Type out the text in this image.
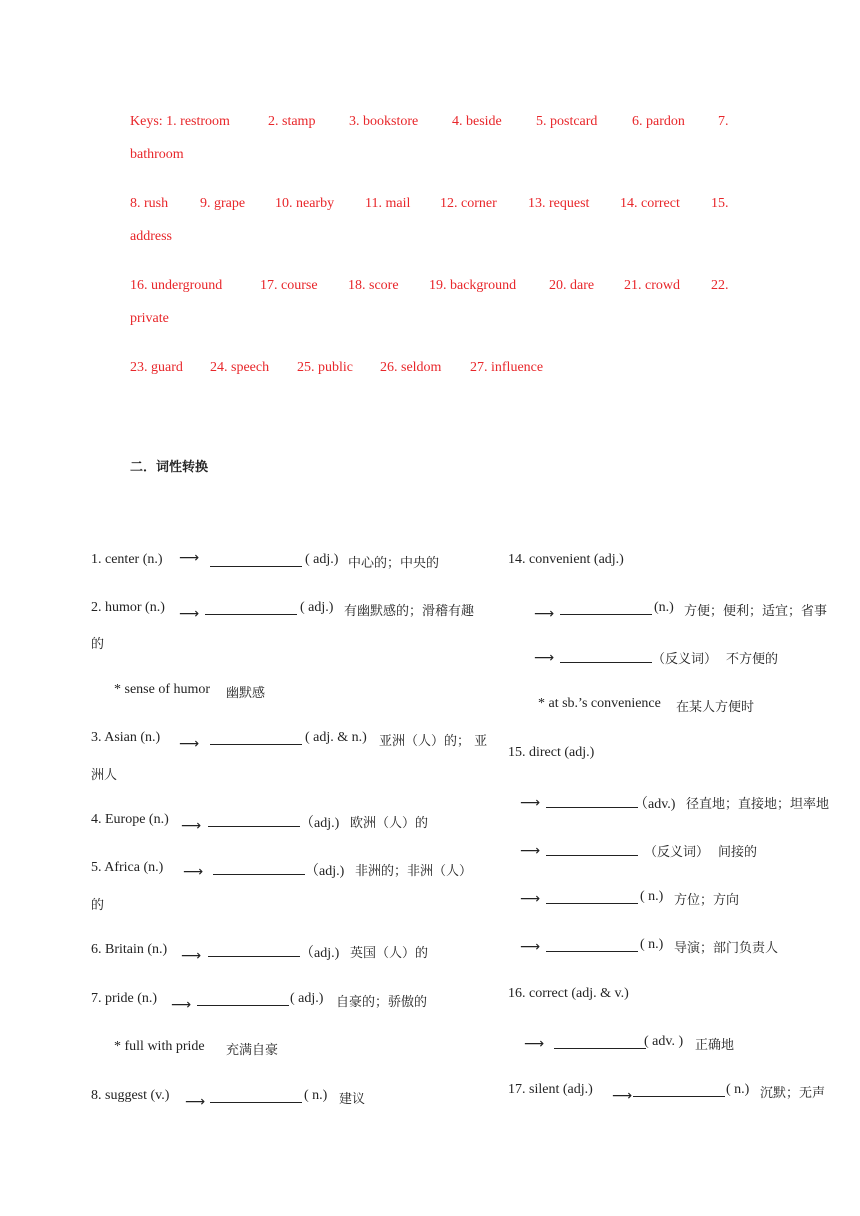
Keys: 1. restroom	2. stamp 3. bookstore 4. beside 5. postcard 6. pardon 7.
bathroom
8. rush 9. grape 10. nearby 11. mail 12. corner 13. request 14. correct 15.
address
16. underground	17. course 18. score 19. background 20. dare 21. crowd 22.
private
23. guard 24. speech 25. public 26. seldom 27. influence
二．词性转换
1. center (n.) ⟶	( adj.) 中心的；中央的
2. humor (n.) ⟶	( adj.) 有幽默感的；滑稽有趣
的
* sense of humor 幽默感
3. Asian (n.) ⟶	( adj. & n.) 亚洲（人）的； 亚
洲人
4. Europe (n.) ⟶	（adj.) 欧洲（人）的
5. Africa (n.) ⟶	（adj.) 非洲的；非洲（人）
的
6. Britain (n.) ⟶	（adj.) 英国（人）的
7. pride (n.) ⟶	( adj.) 自豪的；骄傲的
* full with pride 充满自豪
8. suggest (v.) ⟶	( n.) 建议
14. convenient (adj.)
⟶	(n.) 方便；便利；适宜；省事
⟶	（反义词） 不方便的
* at sb.’s convenience 在某人方便时
15. direct (adj.)
⟶	（adv.) 径直地；直接地；坦率地
⟶	（反义词） 间接的
⟶	( n.) 方位；方向
⟶	( n.) 导演；部门负责人
16. correct (adj. & v.)
⟶	( adv. ) 正确地
17. silent (adj.) ⟶	( n.) 沉默；无声
